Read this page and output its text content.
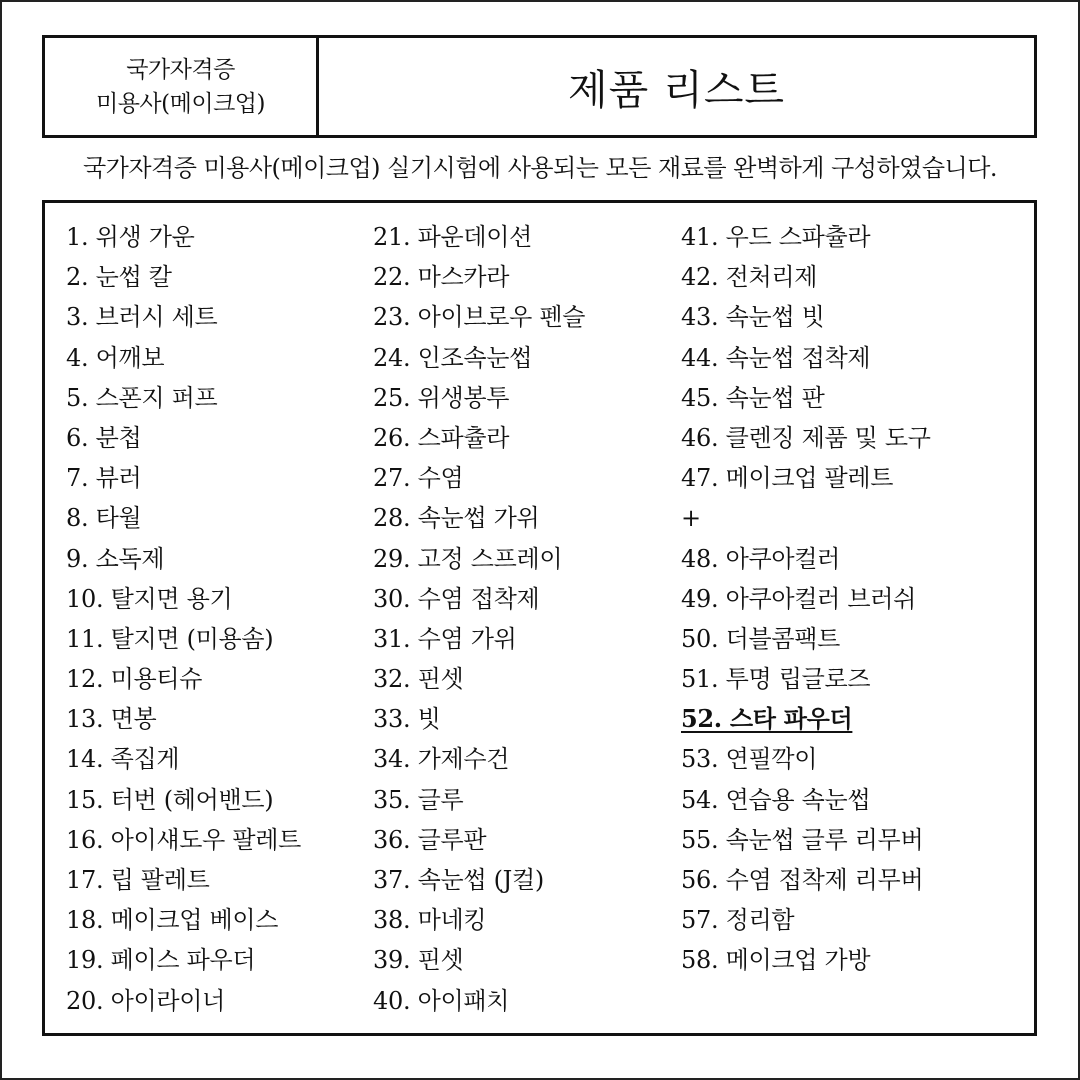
국가자격증
미용사(메이크업)	제품 리스트
국가자격증 미용사(메이크업) 실기시험에 사용되는 모든 재료를 완벽하게 구성하였습니다.
1. 위생 가운
2. 눈썹 칼
3. 브러시 세트
4. 어깨보
5. 스폰지 퍼프
6. 분첩
7. 뷰러
8. 타월
9. 소독제
10. 탈지면 용기
11. 탈지면 (미용솜)
12. 미용티슈
13. 면봉
14. 족집게
15. 터번 (헤어밴드)
16. 아이섀도우 팔레트
17. 립 팔레트
18. 메이크업 베이스
19. 페이스 파우더
20. 아이라이너
21. 파운데이션
22. 마스카라
23. 아이브로우 펜슬
24. 인조속눈썹
25. 위생봉투
26. 스파츌라
27. 수염
28. 속눈썹 가위
29. 고정 스프레이
30. 수염 접착제
31. 수염 가위
32. 핀셋
33. 빗
34. 가제수건
35. 글루
36. 글루판
37. 속눈썹 (J컬)
38. 마네킹
39. 핀셋
40. 아이패치
41. 우드 스파츌라
42. 전처리제
43. 속눈썹 빗
44. 속눈썹 접착제
45. 속눈썹 판
46. 클렌징 제품 및 도구
47. 메이크업 팔레트
+
48. 아쿠아컬러
49. 아쿠아컬러 브러쉬
50. 더블콤팩트
51. 투명 립글로즈
52. 스타 파우더
53. 연필깍이
54. 연습용 속눈썹
55. 속눈썹 글루 리무버
56. 수염 접착제 리무버
57. 정리함
58. 메이크업 가방
